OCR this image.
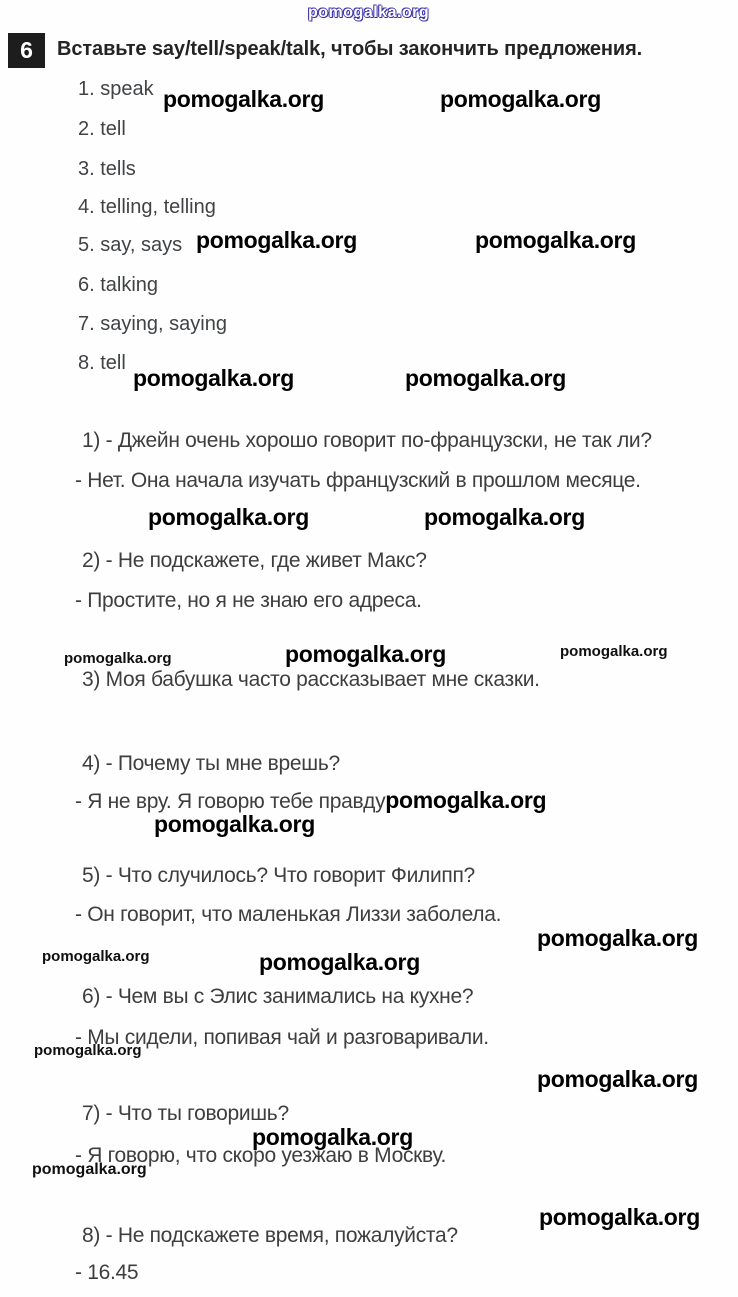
pomogalka.org
6	Вставьте say/tell/speak/talk, чтобы закончить предложения.
1. speak
2. tell
3. tells
4. telling, telling
5. say, says
6. talking
7. saying, saying
8. tell
pomogalka.org	pomogalka.org
pomogalka.org	pomogalka.org
pomogalka.org	pomogalka.org
1) - Джейн очень хорошо говорит по-французски, не так ли?
- Нет. Она начала изучать французский в прошлом месяце.
pomogalka.org	pomogalka.org
2) - Не подскажете, где живет Макс?
- Простите, но я не знаю его адреса.
pomogalka.org	pomogalka.org	pomogalka.org
3) Моя бабушка часто рассказывает мне сказки.
4) - Почему ты мне врешь?
- Я не вру. Я говорю тебе правдуpomogalka.org
pomogalka.org
5) - Что случилось? Что говорит Филипп?
- Он говорит, что маленькая Лиззи заболела.
pomogalka.org
pomogalka.org	pomogalka.org
6) - Чем вы с Элис занимались на кухне?
- Мы сидели, попивая чай и разговаривали.
pomogalka.org
pomogalka.org
7) - Что ты говоришь?
pomogalka.org
- Я говорю, что скоро уезжаю в Москву.
pomogalka.org
pomogalka.org
8) - Не подскажете время, пожалуйста?
- 16.45
